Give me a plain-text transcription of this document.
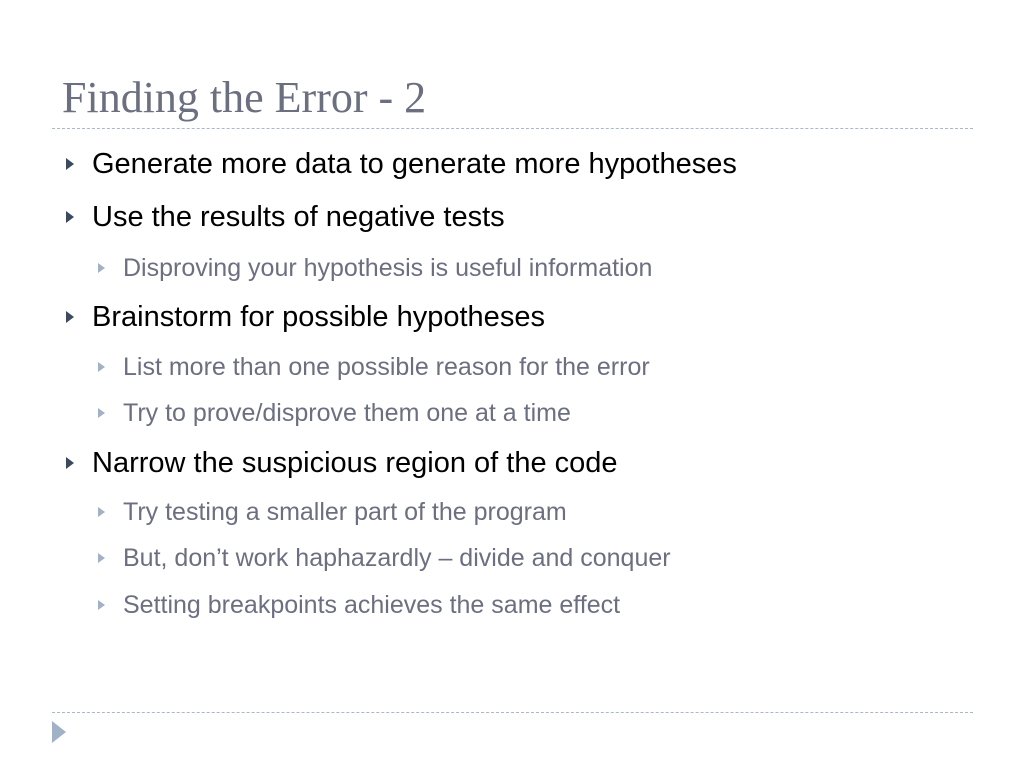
Finding the Error - 2
Generate more data to generate more hypotheses
Use the results of negative tests
Disproving your hypothesis is useful information
Brainstorm for possible hypotheses
List more than one possible reason for the error
Try to prove/disprove them one at a time
Narrow the suspicious region of the code
Try testing a smaller part of the program
But, don’t work haphazardly – divide and conquer
Setting breakpoints achieves the same effect
